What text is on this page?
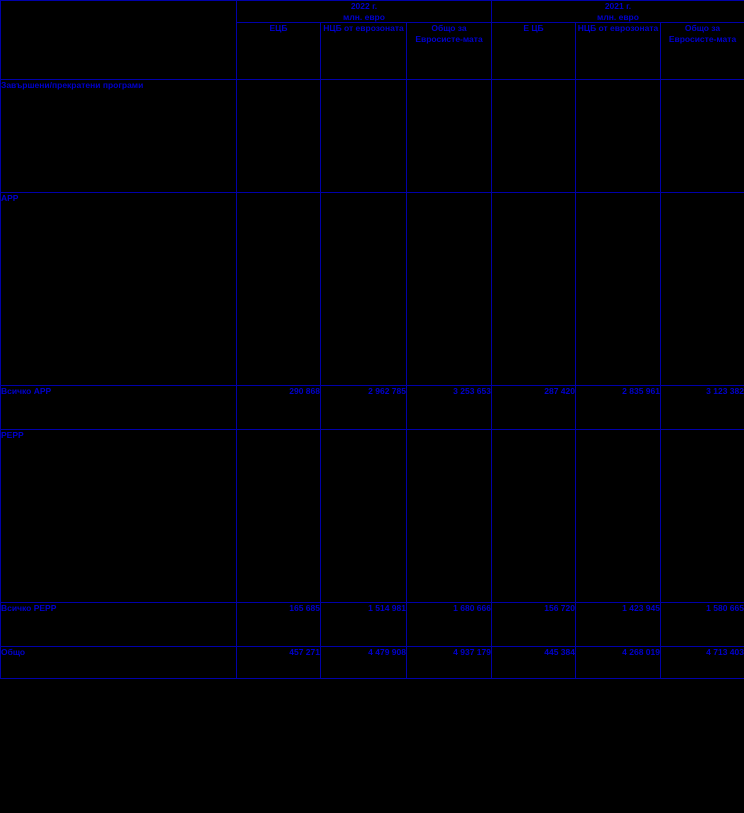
2022 г.
млн. евро

2021 г.
млн. евро

	ЕЦБ	НЦБ от еврозоната	Общо за Евросисте-мата	Е ЦБ	НЦБ от еврозоната	Общо за Евросисте-мата
Завършени/прекратени програми						
APP						
Всичко APP	290 868	2 962 785	3 253 653	287 420	2 835 961	3 123 382
PEPP						
Всичко PEPP	165 685	1 514 981	1 680 666	156 720	1 423 945	1 580 665
Общо	457 271	4 479 908	4 937 179	445 384	4 268 019	4 713 403
